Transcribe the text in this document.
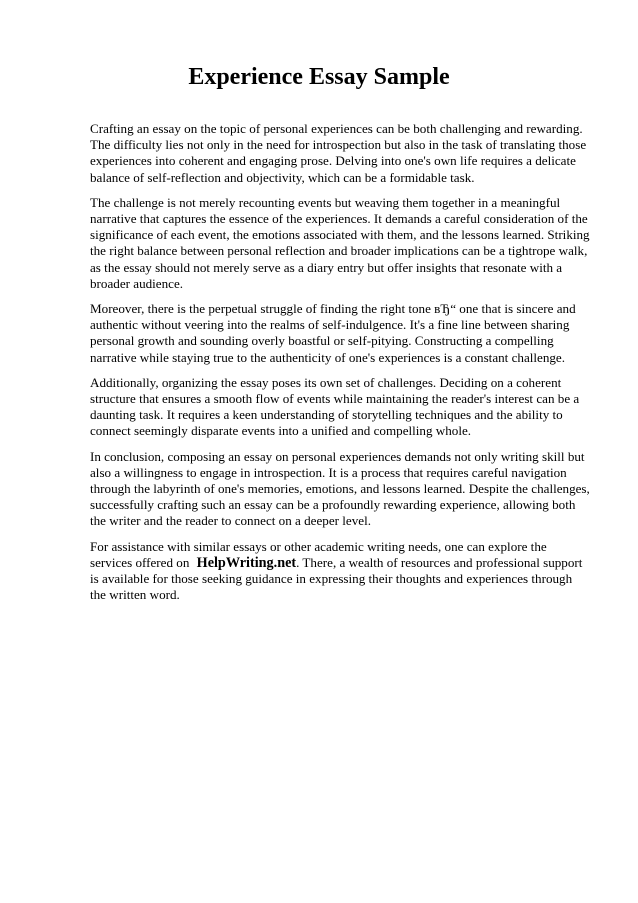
Experience Essay Sample

Crafting an essay on the topic of personal experiences can be both challenging and rewarding. The difficulty lies not only in the need for introspection but also in the task of translating those experiences into coherent and engaging prose. Delving into one's own life requires a delicate balance of self-reflection and objectivity, which can be a formidable task.

The challenge is not merely recounting events but weaving them together in a meaningful narrative that captures the essence of the experiences. It demands a careful consideration of the significance of each event, the emotions associated with them, and the lessons learned. Striking the right balance between personal reflection and broader implications can be a tightrope walk, as the essay should not merely serve as a diary entry but offer insights that resonate with a broader audience.

Moreover, there is the perpetual struggle of finding the right tone вЂ“ one that is sincere and authentic without veering into the realms of self-indulgence. It's a fine line between sharing personal growth and sounding overly boastful or self-pitying. Constructing a compelling narrative while staying true to the authenticity of one's experiences is a constant challenge.

Additionally, organizing the essay poses its own set of challenges. Deciding on a coherent structure that ensures a smooth flow of events while maintaining the reader's interest can be a daunting task. It requires a keen understanding of storytelling techniques and the ability to connect seemingly disparate events into a unified and compelling whole.

In conclusion, composing an essay on personal experiences demands not only writing skill but also a willingness to engage in introspection. It is a process that requires careful navigation through the labyrinth of one's memories, emotions, and lessons learned. Despite the challenges, successfully crafting such an essay can be a profoundly rewarding experience, allowing both the writer and the reader to connect on a deeper level.

For assistance with similar essays or other academic writing needs, one can explore the services offered on HelpWriting.net. There, a wealth of resources and professional support is available for those seeking guidance in expressing their thoughts and experiences through the written word.
